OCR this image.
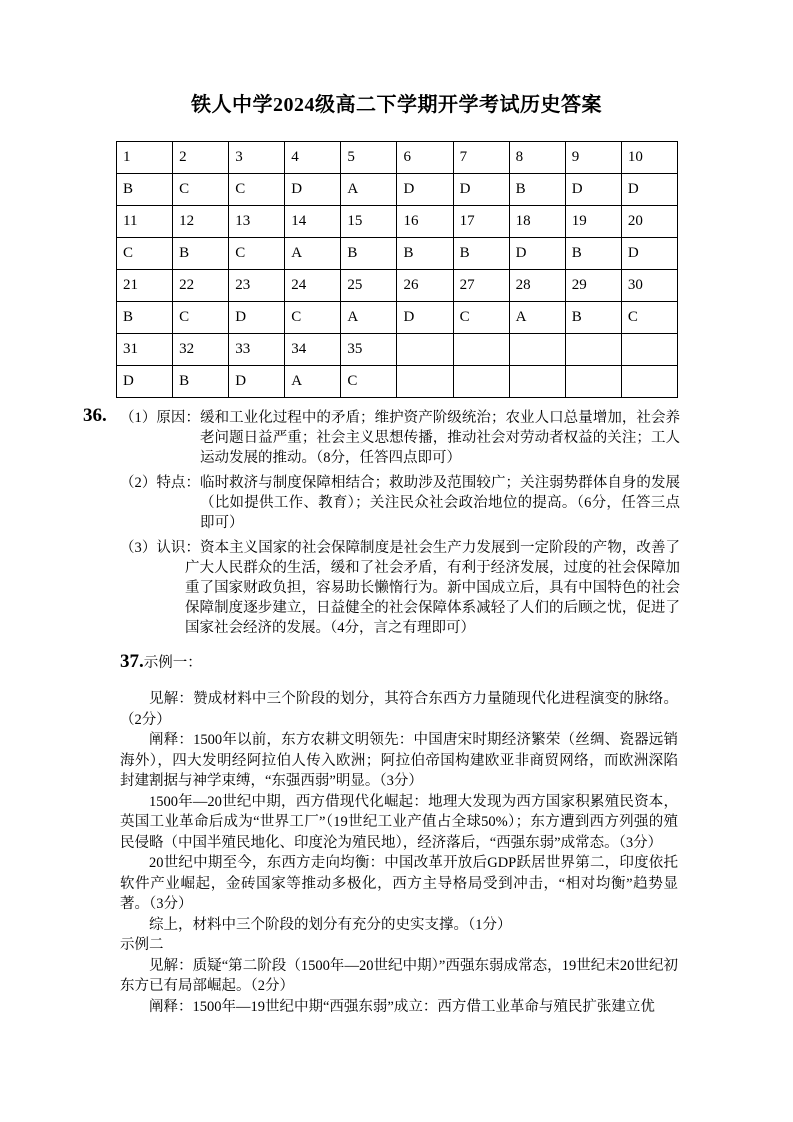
铁人中学2024级高二下学期开学考试历史答案
1	2	3	4	5	6	7	8	9	10
B	C	C	D	A	D	D	B	D	D
11	12	13	14	15	16	17	18	19	20
C	B	C	A	B	B	B	D	B	D
21	22	23	24	25	26	27	28	29	30
B	C	D	C	A	D	C	A	B	C
31	32	33	34	35					
D	B	D	A	C					
36. （1）原因：缓和工业化过程中的矛盾；维护资产阶级统治；农业人口总量增加，社会养老问题日益严重；社会主义思想传播，推动社会对劳动者权益的关注；工人运动发展的推动。（8分，任答四点即可）

（2）特点：临时救济与制度保障相结合；救助涉及范围较广；关注弱势群体自身的发展（比如提供工作、教育）；关注民众社会政治地位的提高。（6分，任答三点即可）

（3）认识：资本主义国家的社会保障制度是社会生产力发展到一定阶段的产物，改善了广大人民群众的生活，缓和了社会矛盾，有利于经济发展，过度的社会保障加重了国家财政负担，容易助长懒惰行为。新中国成立后，具有中国特色的社会保障制度逐步建立，日益健全的社会保障体系减轻了人们的后顾之忧，促进了国家社会经济的发展。（4分，言之有理即可）

37.示例一：

见解：赞成材料中三个阶段的划分，其符合东西方力量随现代化进程演变的脉络。（2分）

阐释：1500年以前，东方农耕文明领先：中国唐宋时期经济繁荣（丝绸、瓷器远销海外），四大发明经阿拉伯人传入欧洲；阿拉伯帝国构建欧亚非商贸网络，而欧洲深陷封建割据与神学束缚，“东强西弱”明显。（3分）

1500年—20世纪中期，西方借现代化崛起：地理大发现为西方国家积累殖民资本，英国工业革命后成为“世界工厂”（19世纪工业产值占全球50%）；东方遭到西方列强的殖民侵略（中国半殖民地化、印度沦为殖民地），经济落后，“西强东弱”成常态。（3分）

20世纪中期至今，东西方走向均衡：中国改革开放后GDP跃居世界第二，印度依托软件产业崛起，金砖国家等推动多极化，西方主导格局受到冲击，“相对均衡”趋势显著。（3分）

综上，材料中三个阶段的划分有充分的史实支撑。（1分）

示例二

见解：质疑“第二阶段（1500年—20世纪中期）”西强东弱成常态，19世纪末20世纪初东方已有局部崛起。（2分）

阐释：1500年—19世纪中期“西强东弱”成立：西方借工业革命与殖民扩张建立优
